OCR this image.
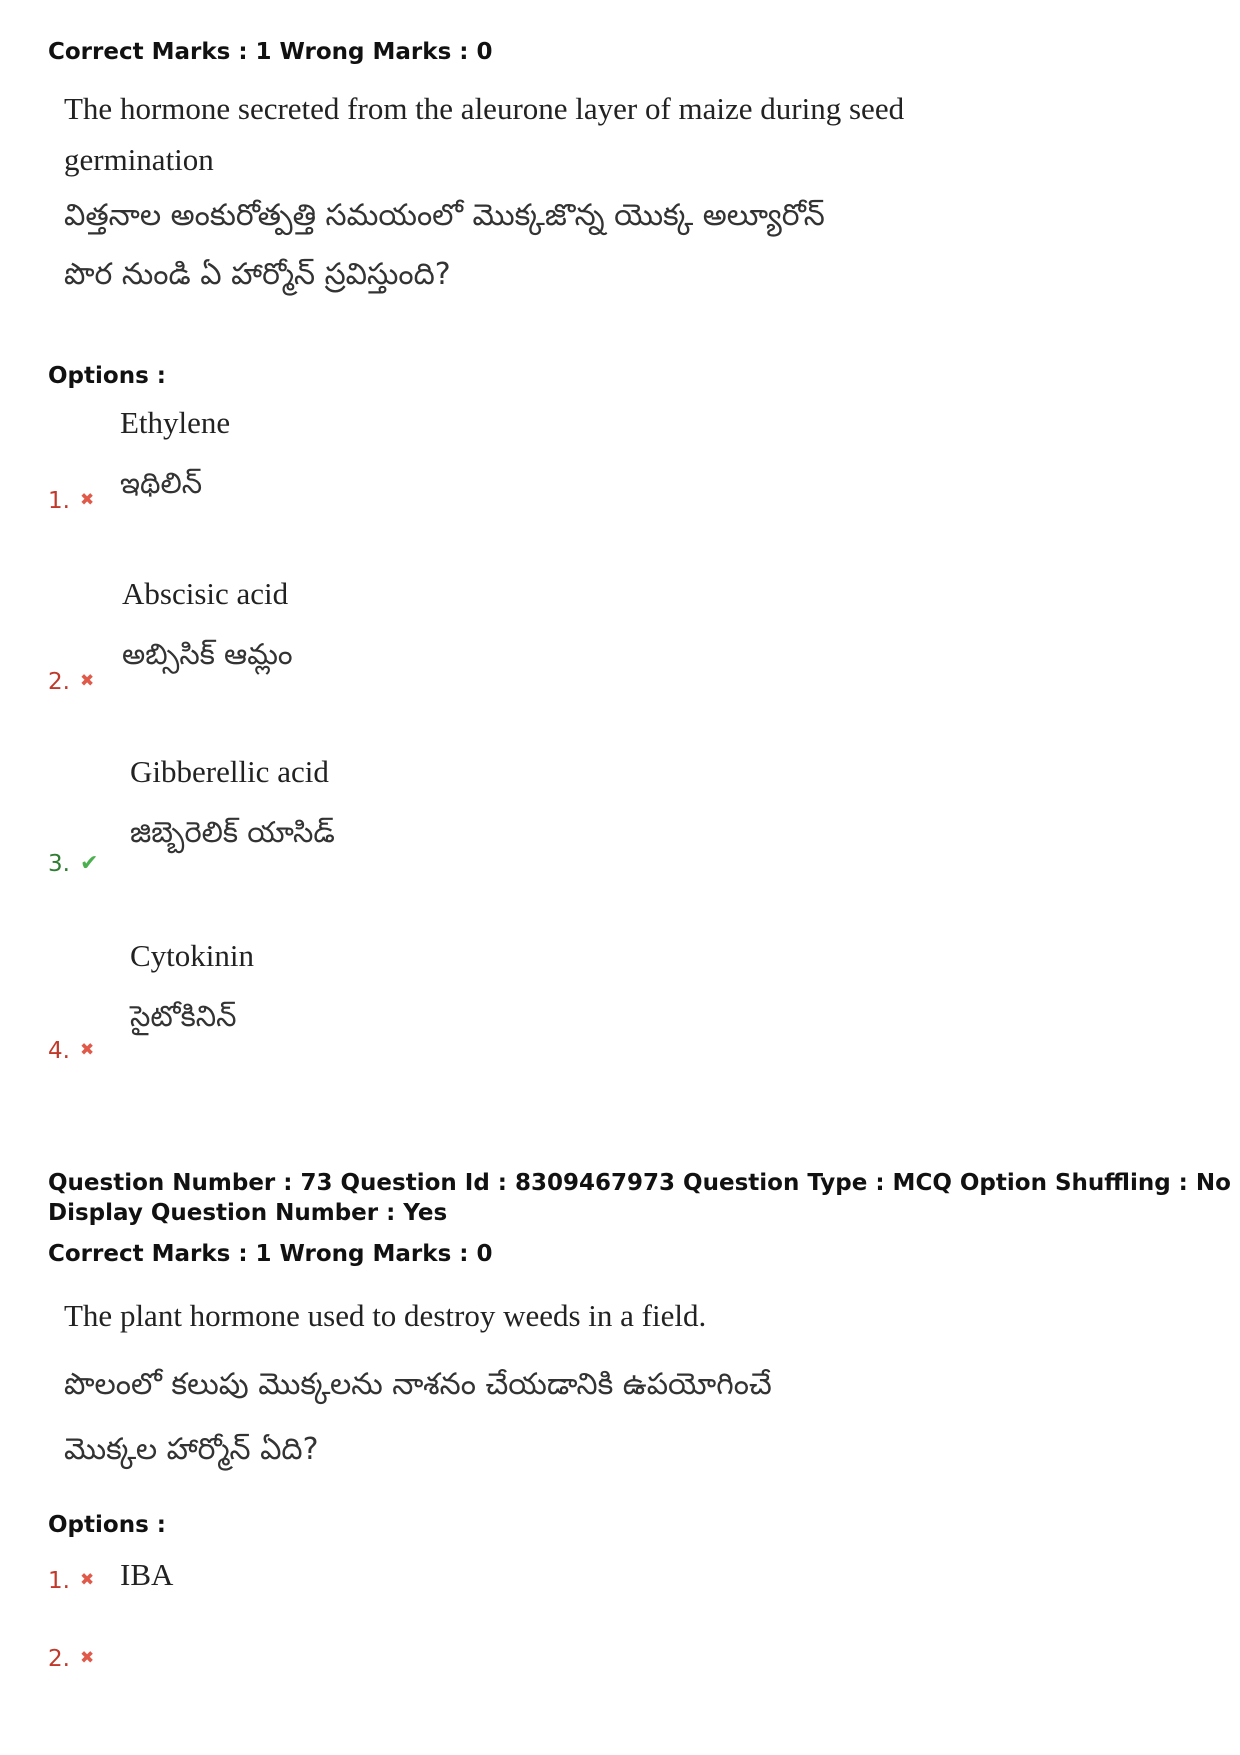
Correct Marks : 1 Wrong Marks : 0
The hormone secreted from the aleurone layer of maize during seed
germination
విత్తనాల అంకురోత్పత్తి సమయంలో మొక్కజొన్న యొక్క అల్యూరోన్
పొర నుండి ఏ హార్మోన్ స్రవిస్తుంది?
Options :
Ethylene
ఇథిలిన్
1. ✖
Abscisic acid
అబ్సిసిక్ ఆమ్లం
2. ✖
Gibberellic acid
జిబ్బెరెలిక్ యాసిడ్
3. ✔
Cytokinin
సైటోకినిన్
4. ✖
Question Number : 73 Question Id : 8309467973 Question Type : MCQ Option Shuffling : No
Display Question Number : Yes
Correct Marks : 1 Wrong Marks : 0
The plant hormone used to destroy weeds in a field.
పొలంలో కలుపు మొక్కలను నాశనం చేయడానికి ఉపయోగించే
మొక్కల హార్మోన్ ఏది?
Options :
1. ✖ IBA
2. ✖
